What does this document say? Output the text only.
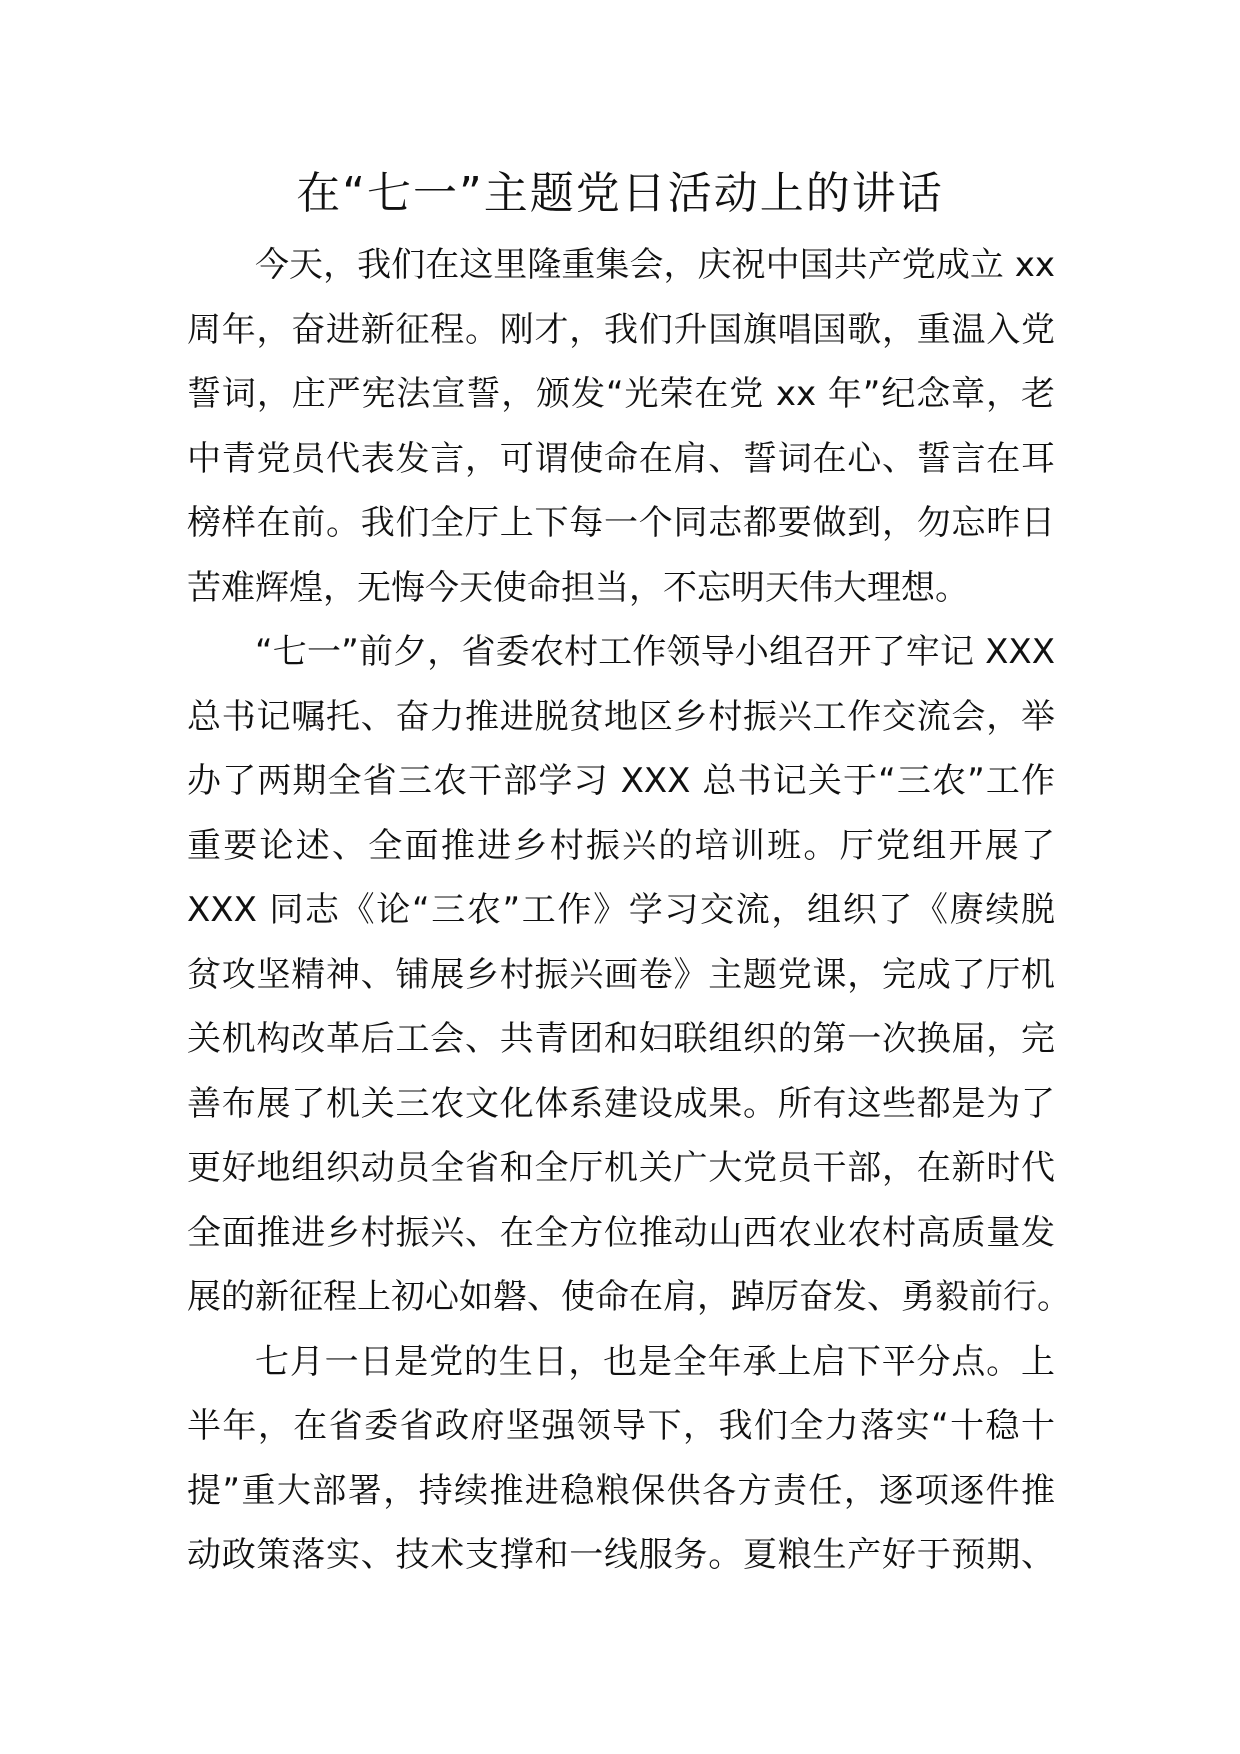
在“七一”主题党日活动上的讲话
今天，我们在这里隆重集会，庆祝中国共产党成立 xx
周年，奋进新征程。刚才，我们升国旗唱国歌，重温入党
誓词，庄严宪法宣誓，颁发“光荣在党 xx 年”纪念章，老
中青党员代表发言，可谓使命在肩、誓词在心、誓言在耳
榜样在前。我们全厅上下每一个同志都要做到，勿忘昨日
苦难辉煌，无悔今天使命担当，不忘明天伟大理想。
“七一”前夕，省委农村工作领导小组召开了牢记 XXX
总书记嘱托、奋力推进脱贫地区乡村振兴工作交流会，举
办了两期全省三农干部学习 XXX 总书记关于“三农”工作
重要论述、全面推进乡村振兴的培训班。厅党组开展了
XXX 同志《论“三农”工作》学习交流，组织了《赓续脱
贫攻坚精神、铺展乡村振兴画卷》主题党课，完成了厅机
关机构改革后工会、共青团和妇联组织的第一次换届，完
善布展了机关三农文化体系建设成果。所有这些都是为了
更好地组织动员全省和全厅机关广大党员干部，在新时代
全面推进乡村振兴、在全方位推动山西农业农村高质量发
展的新征程上初心如磐、使命在肩，踔厉奋发、勇毅前行。
七月一日是党的生日，也是全年承上启下平分点。上
半年，在省委省政府坚强领导下，我们全力落实“十稳十
提”重大部署，持续推进稳粮保供各方责任，逐项逐件推
动政策落实、技术支撑和一线服务。夏粮生产好于预期、
